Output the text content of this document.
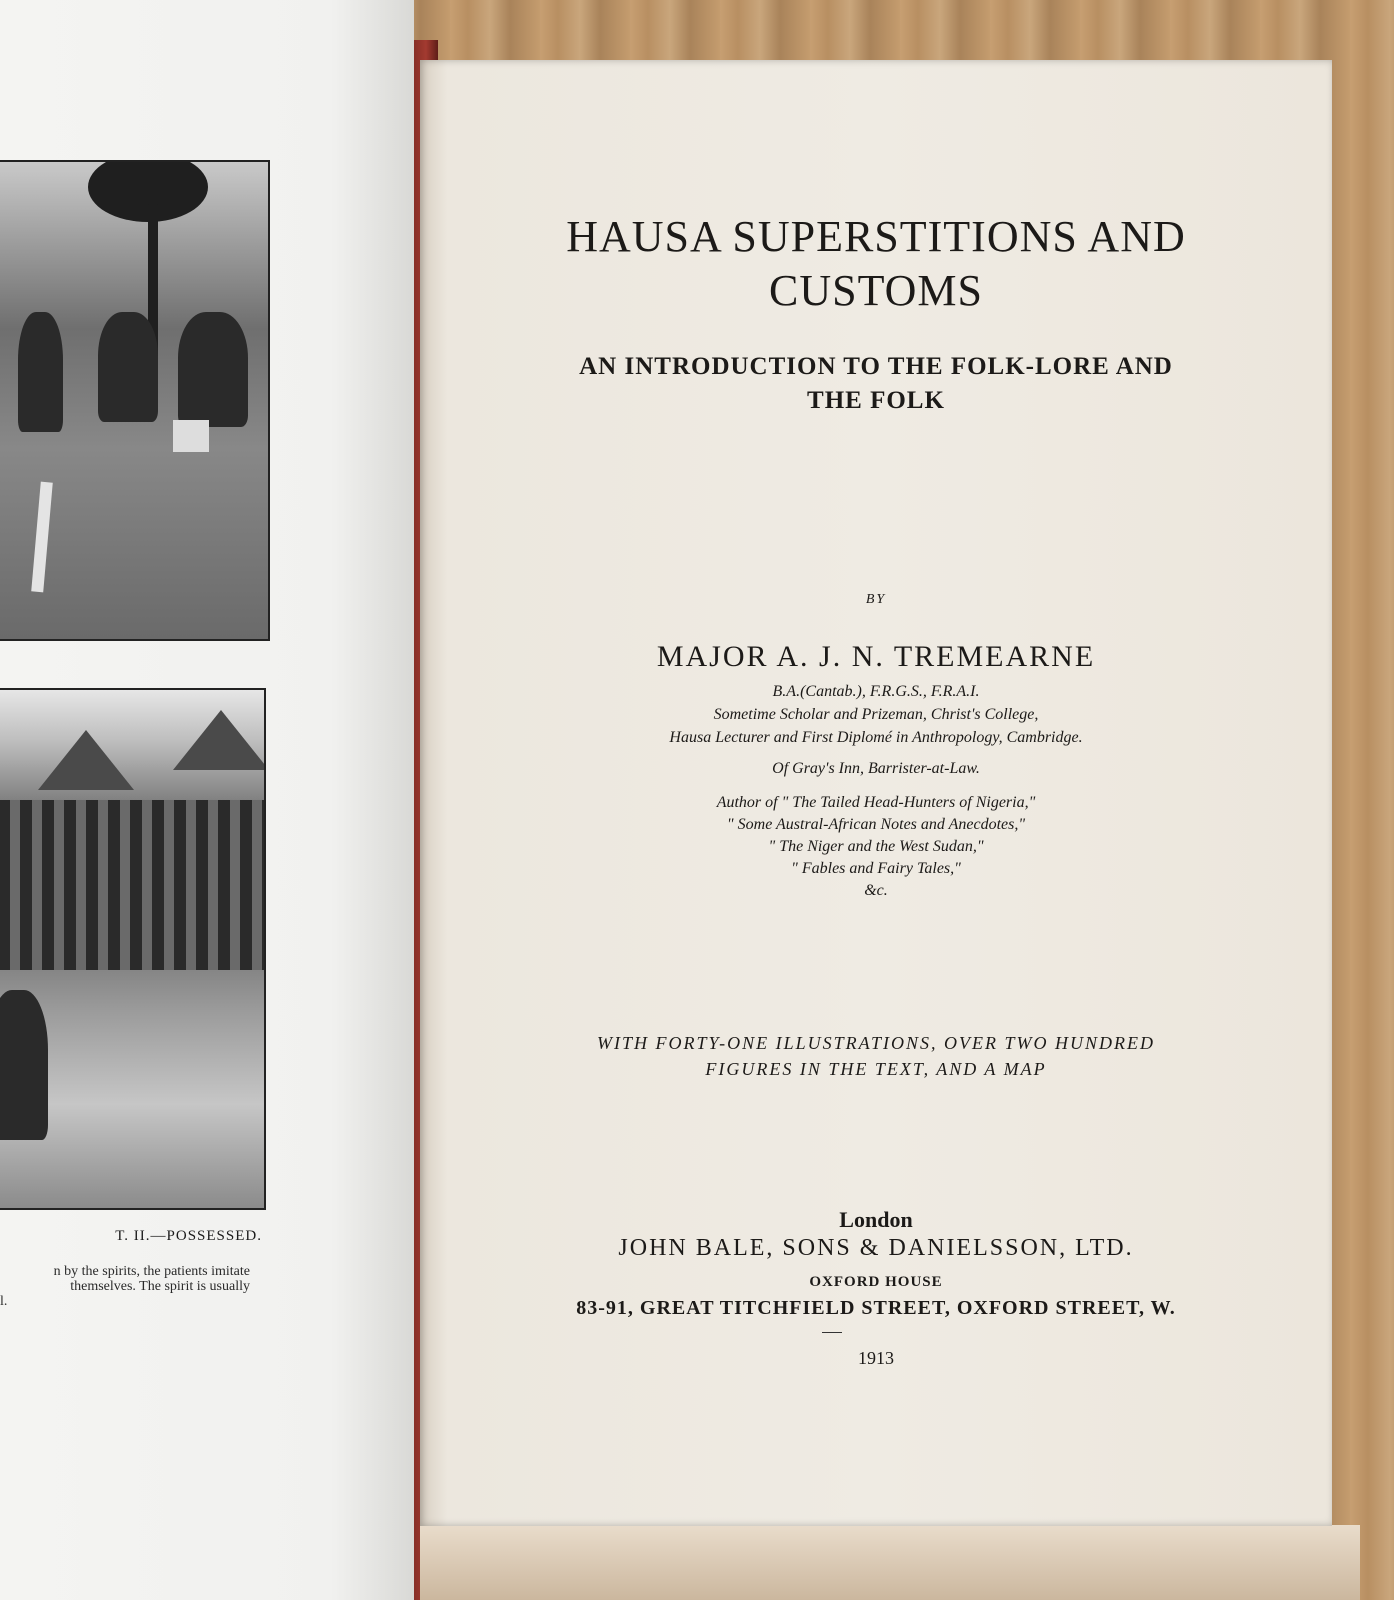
T. II.—POSSESSED.
n by the spirits, the patients imitate
themselves. The spirit is usually
l.
HAUSA SUPERSTITIONS AND
CUSTOMS
AN INTRODUCTION TO THE FOLK-LORE AND
THE FOLK
BY
MAJOR A. J. N. TREMEARNE
B.A.(Cantab.), F.R.G.S., F.R.A.I.
Sometime Scholar and Prizeman, Christ's College,
Hausa Lecturer and First Diplomé in Anthropology, Cambridge.
Of Gray's Inn, Barrister-at-Law.
Author of " The Tailed Head-Hunters of Nigeria,"
" Some Austral-African Notes and Anecdotes,"
" The Niger and the West Sudan,"
" Fables and Fairy Tales,"
&c.
WITH FORTY-ONE ILLUSTRATIONS, OVER TWO HUNDRED
FIGURES IN THE TEXT, AND A MAP
London
JOHN BALE, SONS & DANIELSSON, LTD.
OXFORD HOUSE
83-91, GREAT TITCHFIELD STREET, OXFORD STREET, W.
1913
